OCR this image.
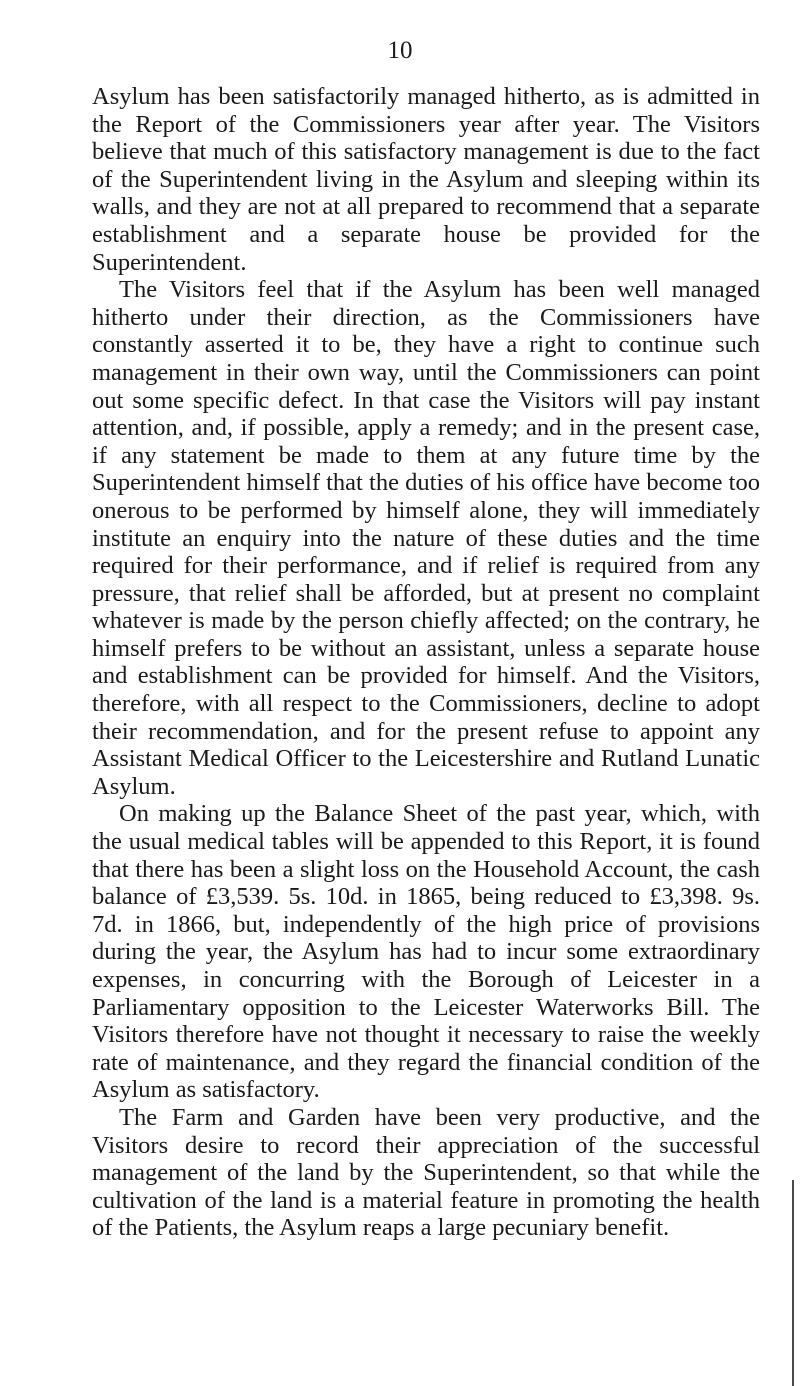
10

Asylum has been satisfactorily managed hitherto, as is admitted in the Report of the Commissioners year after year. The Visitors believe that much of this satisfactory management is due to the fact of the Superintendent living in the Asylum and sleeping within its walls, and they are not at all prepared to recommend that a separate establishment and a separate house be provided for the Superintendent.

The Visitors feel that if the Asylum has been well managed hitherto under their direction, as the Commissioners have constantly asserted it to be, they have a right to continue such management in their own way, until the Commissioners can point out some specific defect. In that case the Visitors will pay instant attention, and, if possible, apply a remedy; and in the present case, if any statement be made to them at any future time by the Superintendent himself that the duties of his office have become too onerous to be performed by himself alone, they will immediately institute an enquiry into the nature of these duties and the time required for their performance, and if relief is required from any pressure, that relief shall be afforded, but at present no complaint whatever is made by the person chiefly affected; on the contrary, he himself prefers to be without an assistant, unless a separate house and establishment can be provided for himself. And the Visitors, therefore, with all respect to the Commissioners, decline to adopt their recommendation, and for the present refuse to appoint any Assistant Medical Officer to the Leicestershire and Rutland Lunatic Asylum.

On making up the Balance Sheet of the past year, which, with the usual medical tables will be appended to this Report, it is found that there has been a slight loss on the Household Account, the cash balance of £3,539. 5s. 10d. in 1865, being reduced to £3,398. 9s. 7d. in 1866, but, independently of the high price of provisions during the year, the Asylum has had to incur some extraordinary expenses, in concurring with the Borough of Leicester in a Parliamentary opposition to the Leicester Waterworks Bill. The Visitors therefore have not thought it necessary to raise the weekly rate of maintenance, and they regard the financial condition of the Asylum as satisfactory.

The Farm and Garden have been very productive, and the Visitors desire to record their appreciation of the successful management of the land by the Superintendent, so that while the cultivation of the land is a material feature in promoting the health of the Patients, the Asylum reaps a large pecuniary benefit.
